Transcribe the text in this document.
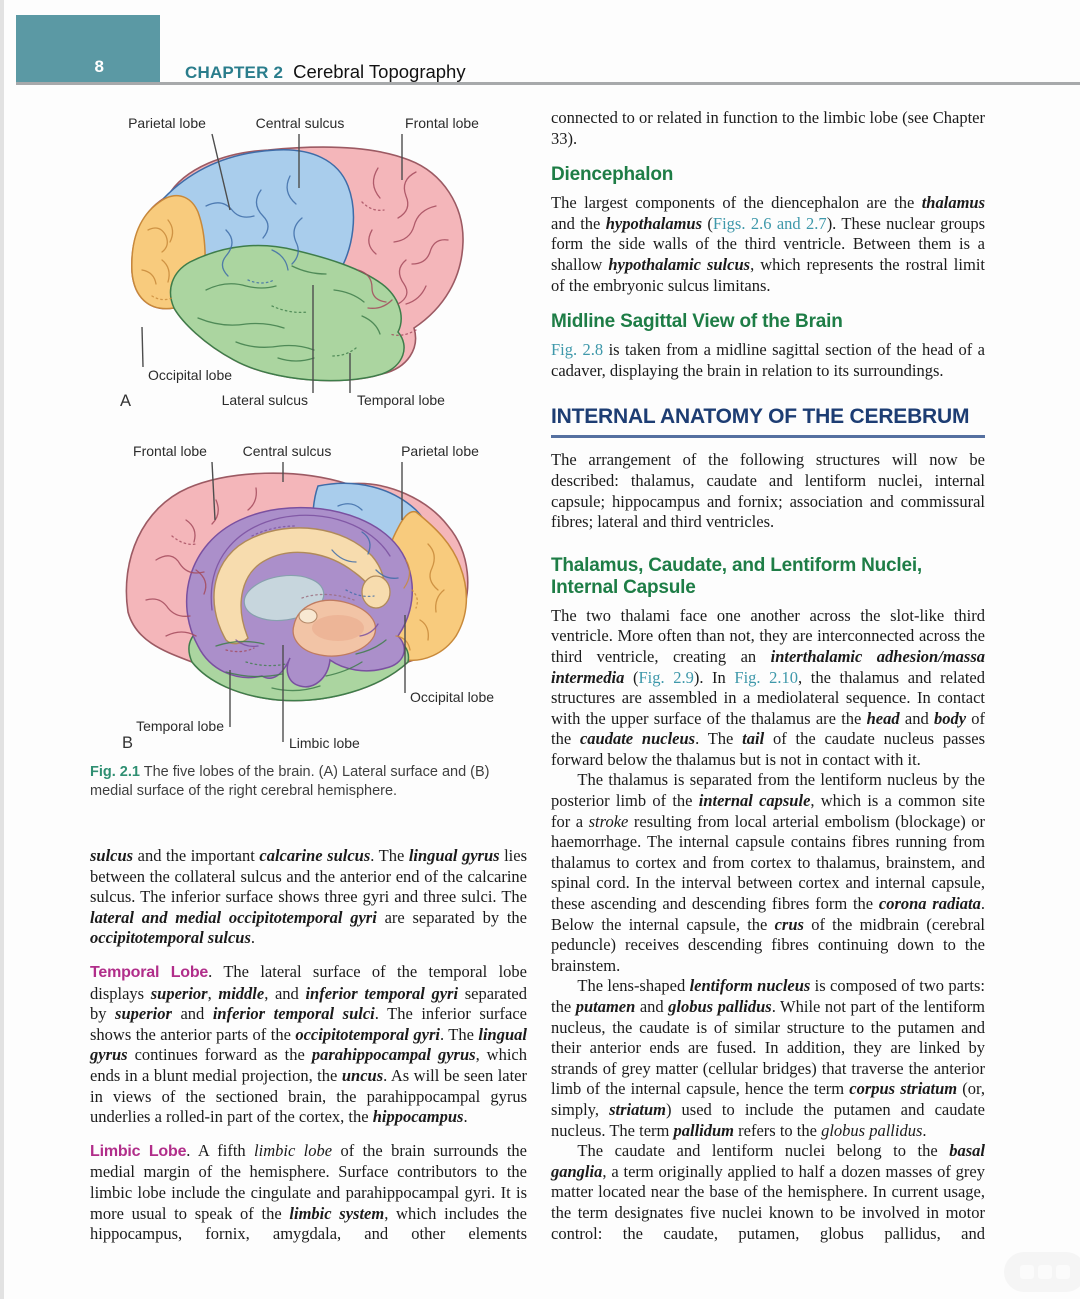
8	CHAPTER 2 Cerebral Topography
Parietal lobe	Central sulcus	Frontal lobe
Occipital lobe
Lateral sulcus	Temporal lobe
A
Frontal lobe	Central sulcus	Parietal lobe
Occipital lobe
Temporal lobe
Limbic lobe
B
Fig. 2.1 The five lobes of the brain. (A) Lateral surface and (B) medial surface of the right cerebral hemisphere.

sulcus and the important calcarine sulcus. The lingual gyrus lies between the collateral sulcus and the anterior end of the calcarine sulcus. The inferior surface shows three gyri and three sulci. The lateral and medial occipitotemporal gyri are separated by the occipitotemporal sulcus.

Temporal Lobe. The lateral surface of the temporal lobe displays superior, middle, and inferior temporal gyri separated by superior and inferior temporal sulci. The inferior surface shows the anterior parts of the occipitotemporal gyri. The lingual gyrus continues forward as the parahippocampal gyrus, which ends in a blunt medial projection, the uncus. As will be seen later in views of the sectioned brain, the parahippocampal gyrus underlies a rolled-in part of the cortex, the hippocampus.

Limbic Lobe. A fifth limbic lobe of the brain surrounds the medial margin of the hemisphere. Surface contributors to the limbic lobe include the cingulate and parahippocampal gyri. It is more usual to speak of the limbic system, which includes the hippocampus, fornix, amygdala, and other elements

connected to or related in function to the limbic lobe (see Chapter 33).

Diencephalon

The largest components of the diencephalon are the thalamus and the hypothalamus (Figs. 2.6 and 2.7). These nuclear groups form the side walls of the third ventricle. Between them is a shallow hypothalamic sulcus, which represents the rostral limit of the embryonic sulcus limitans.

Midline Sagittal View of the Brain

Fig. 2.8 is taken from a midline sagittal section of the head of a cadaver, displaying the brain in relation to its surroundings.

INTERNAL ANATOMY OF THE CEREBRUM

The arrangement of the following structures will now be described: thalamus, caudate and lentiform nuclei, internal capsule; hippocampus and fornix; association and commissural fibres; lateral and third ventricles.

Thalamus, Caudate, and Lentiform Nuclei, Internal Capsule

The two thalami face one another across the slot-like third ventricle. More often than not, they are interconnected across the third ventricle, creating an interthalamic adhesion/massa intermedia (Fig. 2.9). In Fig. 2.10, the thalamus and related structures are assembled in a mediolateral sequence. In contact with the upper surface of the thalamus are the head and body of the caudate nucleus. The tail of the caudate nucleus passes forward below the thalamus but is not in contact with it.

The thalamus is separated from the lentiform nucleus by the posterior limb of the internal capsule, which is a common site for a stroke resulting from local arterial embolism (blockage) or haemorrhage. The internal capsule contains fibres running from thalamus to cortex and from cortex to thalamus, brainstem, and spinal cord. In the interval between cortex and internal capsule, these ascending and descending fibres form the corona radiata. Below the internal capsule, the crus of the midbrain (cerebral peduncle) receives descending fibres continuing down to the brainstem.

The lens-shaped lentiform nucleus is composed of two parts: the putamen and globus pallidus. While not part of the lentiform nucleus, the caudate is of similar structure to the putamen and their anterior ends are fused. In addition, they are linked by strands of grey matter (cellular bridges) that traverse the anterior limb of the internal capsule, hence the term corpus striatum (or, simply, striatum) used to include the putamen and caudate nucleus. The term pallidum refers to the globus pallidus.

The caudate and lentiform nuclei belong to the basal ganglia, a term originally applied to half a dozen masses of grey matter located near the base of the hemisphere. In current usage, the term designates five nuclei known to be involved in motor control: the caudate, putamen, globus pallidus, and
